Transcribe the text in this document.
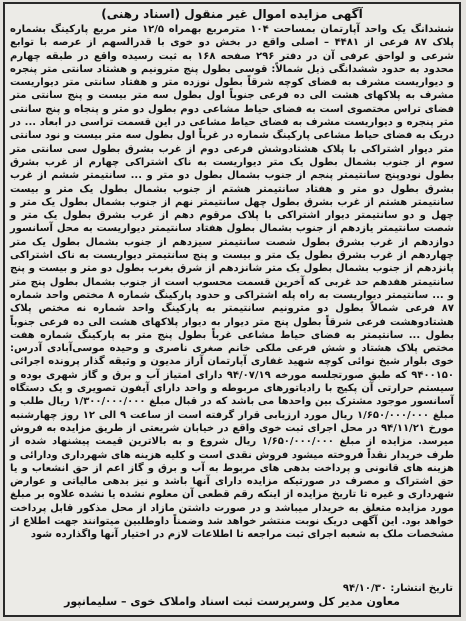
آگهی مزایده اموال غیر منقول (اسناد رهنی)
ششدانگ یک واحد آپارتمان بمساحت ۱۰۴ مترمربع بهمراه ۱۲/۵ متر مربع پارکینگ بشماره پلاک ۸۷ فرعی از ۴۴۸۱ – اصلی واقع در بخش دو خوی با قدرالسهم از عرصه با توابع شرعی و لواحق عرفی آن در دفتر ۲۹۶ صفحه ۱۶۸ به ثبت رسیده واقع در طبقه چهارم محدود به حدود ششدانگی ذیل شمالاً: قوسی بطول پنج مترونیم و هشتاد سانتی متر پنجره و دیواریست مشرف به فضای کوچه شرقاً بطول نوزده متر و هفتاد سانتی متر دیواریست مشرف به پلاکهای هشت الی ده فرعی جنوباً اول بطول سه متر بیست و پنج سانتی متر فضای تراس مختصوی است به فضای حیاط مشاعی دوم بطول دو متر و پنجاه و پنج سانتی متر پنجره و دیواریست مشرف به فضای حیاط مشاعی در این قسمت تراسی در ابعاد ... در دریک به فضای حیاط مشاعی پارکینگ شماره در غرباً اول بطول سه متر بیست و نود سانتی متر دیوار اشتراکی با پلاک هشتادوشش فرعی دوم از غرب بشرق بطول سی سانتی متر سوم از جنوب بشمال بطول یک متر دیواریست به ناک اشتراکی چهارم از غرب بشرق بطول نودوپنج سانتیمتر پنجم از جنوب بشمال بطول دو متر و ... سانتیمتر ششم از غرب بشرق بطول دو متر و هفتاد سانتیمتر هشتم از جنوب بشمال بطول یک متر و بیست سانتیمتر هشتم از غرب بشرق بطول چهل سانتیمتر نهم از جنوب بشمال بطول یک متر و چهل و دو سانتیمتر دیوار اشتراکی با پلاک مرقوم دهم از غرب بشرق بطول یک متر و شصت سانتیمتر یازدهم از جنوب بشمال بطول هفتاد سانتیمتر دیواریست به محل آسانسور دوازدهم از غرب بشرق بطول شصت سانتیمتر سیزدهم از جنوب بشمال بطول یک متر چهاردهم از غرب بشرق بطول یک متر و بیست و پنج سانتیمتر دیواریست به ناک اشتراکی پانزدهم از جنوب بشمال بطول یک متر شانزدهم از شرق بغرب بطول دو متر و بیست و پنج سانتیمتر هفدهم حد غربی که آخرین قسمت محسوب است از جنوب بشمال بطول پنج متر و ... سانتیمتر دیواریست به راه پله اشتراکی و حدود پارکینگ شماره ۸ مختص واحد شماره ۸۷ فرعی شمالاً بطول دو مترونیم سانتیمتر به پارکینگ واحد شماره نه مختص پلاک هشتادوهشت فرعی شرقاً بطول پنج متر دیوار به دیوار پلاکهای هشت الی ده فرعی جنوباً بطول ... سانتیمتر به فضای حیاط مشاعی غرباً بطول پنج متر به پارکینگ شماره هفت مختص پلاک هشتاد و شش فرعی ملکی خانم صغری ناصری و وحیده موسی‌آبادی آدرس: خوی بلوار شیخ نوائی کوچه شهید غفاری آپارتمان آراز مدیون و وثیقه گذار پرونده اجرائی ۹۴۰۰۱۵۰ که طبق صورتجلسه مورخه ۹۴/۰۷/۱۹ دارای امتیاز آب و برق و گاز شهری بوده و سیستم حرارتی آن پکیج با رادیاتورهای مربوطه و واحد دارای آیفون تصویری و یک دستگاه آسانسور موجود مشترک بین واحدها می باشد که در قبال مبلغ ۱/۳۰۰/۰۰۰/۰۰۰ ریال طلب و مبلغ ۱/۶۵۰/۰۰۰/۰۰۰ ریال مورد ارزیابی قرار گرفته است از ساعت ۹ الی ۱۲ روز چهارشنبه مورخ ۹۴/۱۱/۲۱ در محل اجرای ثبت خوی واقع در خیابان شریعتی از طریق مزایده به فروش میرسد. مزایده از مبلغ ۱/۶۵۰/۰۰۰/۰۰۰ ریال شروع و به بالاترین قیمت پیشنهاد شده از طرف خریدار نقداً فروخته میشود فروش نقدی است و کلیه هزینه های شهرداری ودارائی و هزینه های قانونی و پرداخت بدهی های مربوط به آب و برق و گاز اعم از حق انشعاب و یا حق اشتراک و مصرف در صورتیکه مزایده دارای آنها باشد و نیز بدهی مالیاتی و عوارض شهرداری و غیره تا تاریخ مزایده از اینکه رقم قطعی آن معلوم نشده یا نشده علاوه بر مبلغ مورد مزایده متعلق به خریدار میباشد و در صورت داشتن مازاد از محل مذکور قابل پرداخت خواهد بود. این آگهی دریک نوبت منتشر خواهد شد وضمناً داوطلبین میتوانند جهت اطلاع از مشخصات ملک به شعبه اجرای ثبت مراجعه تا اطلاعات لازم در اختیار آنها واگذارده شود
تاریخ انتشار: ۹۴/۱۰/۳۰
معاون مدیر کل وسرپرست ثبت اسناد واملاک خوی – سلیمانپور
